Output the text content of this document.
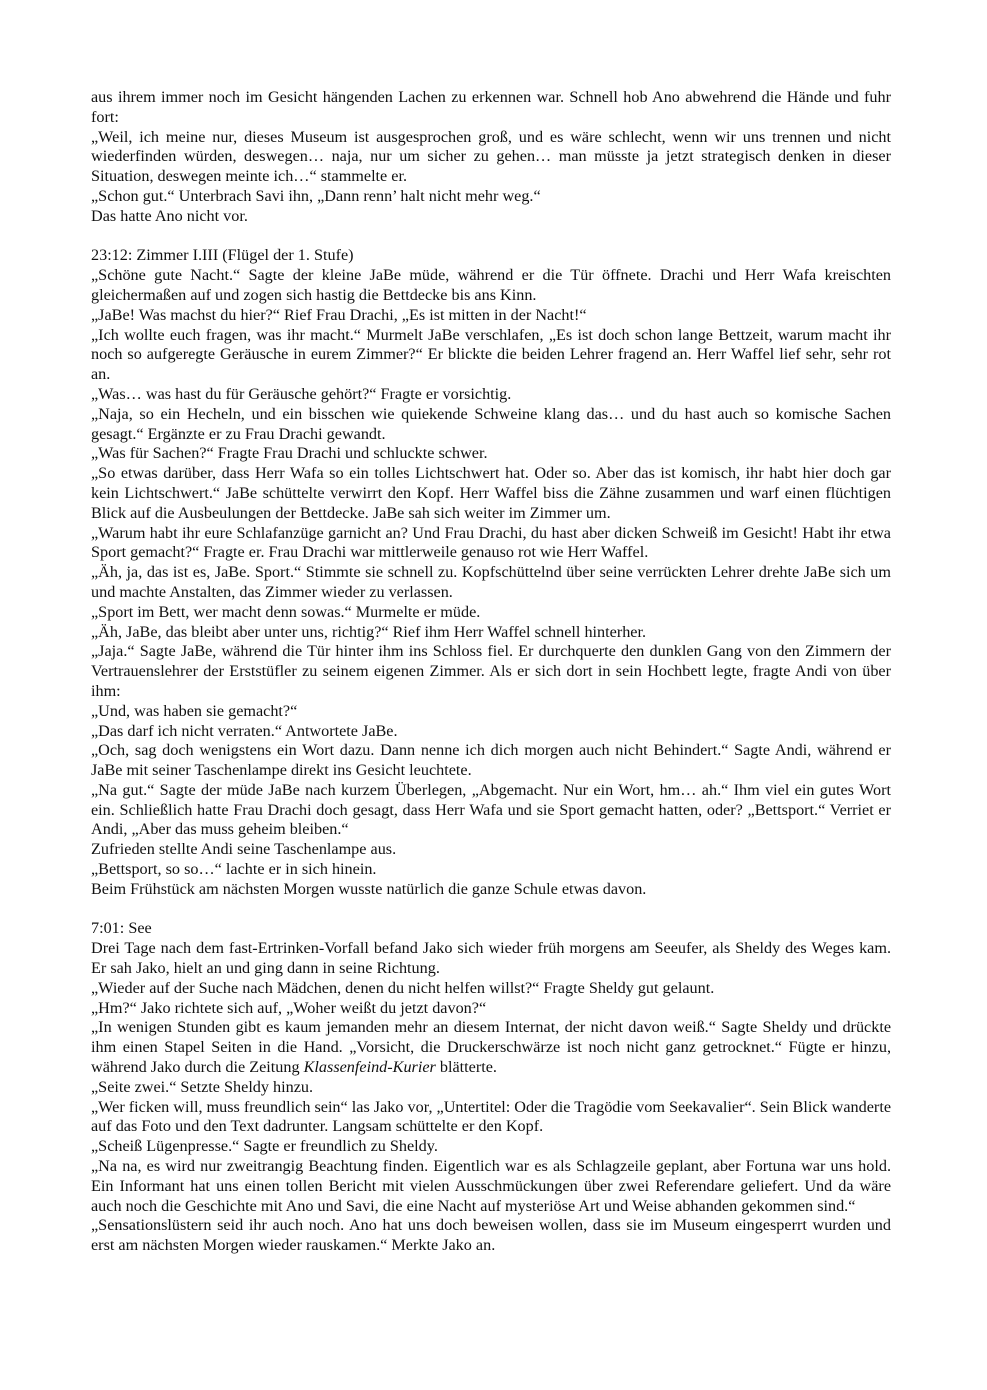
aus ihrem immer noch im Gesicht hängenden Lachen zu erkennen war. Schnell hob Ano abwehrend die Hände und fuhr fort:

„Weil, ich meine nur, dieses Museum ist ausgesprochen groß, und es wäre schlecht, wenn wir uns trennen und nicht wiederfinden würden, deswegen… naja, nur um sicher zu gehen… man müsste ja jetzt strategisch denken in dieser Situation, deswegen meinte ich…“ stammelte er.

„Schon gut.“ Unterbrach Savi ihn, „Dann renn’ halt nicht mehr weg.“

Das hatte Ano nicht vor.

23:12: Zimmer I.III (Flügel der 1. Stufe)

„Schöne gute Nacht.“ Sagte der kleine JaBe müde, während er die Tür öffnete. Drachi und Herr Wafa kreischten gleichermaßen auf und zogen sich hastig die Bettdecke bis ans Kinn.

„JaBe! Was machst du hier?“ Rief Frau Drachi, „Es ist mitten in der Nacht!“

„Ich wollte euch fragen, was ihr macht.“ Murmelt JaBe verschlafen, „Es ist doch schon lange Bettzeit, warum macht ihr noch so aufgeregte Geräusche in eurem Zimmer?“ Er blickte die beiden Lehrer fragend an. Herr Waffel lief sehr, sehr rot an.

„Was… was hast du für Geräusche gehört?“ Fragte er vorsichtig.

„Naja, so ein Hecheln, und ein bisschen wie quiekende Schweine klang das… und du hast auch so komische Sachen gesagt.“ Ergänzte er zu Frau Drachi gewandt.

„Was für Sachen?“ Fragte Frau Drachi und schluckte schwer.

„So etwas darüber, dass Herr Wafa so ein tolles Lichtschwert hat. Oder so. Aber das ist komisch, ihr habt hier doch gar kein Lichtschwert.“ JaBe schüttelte verwirrt den Kopf. Herr Waffel biss die Zähne zusammen und warf einen flüchtigen Blick auf die Ausbeulungen der Bettdecke. JaBe sah sich weiter im Zimmer um.

„Warum habt ihr eure Schlafanzüge garnicht an? Und Frau Drachi, du hast aber dicken Schweiß im Gesicht! Habt ihr etwa Sport gemacht?“ Fragte er. Frau Drachi war mittlerweile genauso rot wie Herr Waffel.

„Äh, ja, das ist es, JaBe. Sport.“ Stimmte sie schnell zu. Kopfschüttelnd über seine verrückten Lehrer drehte JaBe sich um und machte Anstalten, das Zimmer wieder zu verlassen.

„Sport im Bett, wer macht denn sowas.“ Murmelte er müde.

„Äh, JaBe, das bleibt aber unter uns, richtig?“ Rief ihm Herr Waffel schnell hinterher.

„Jaja.“ Sagte JaBe, während die Tür hinter ihm ins Schloss fiel. Er durchquerte den dunklen Gang von den Zimmern der Vertrauenslehrer der Erststüfler zu seinem eigenen Zimmer. Als er sich dort in sein Hochbett legte, fragte Andi von über ihm:

„Und, was haben sie gemacht?“

„Das darf ich nicht verraten.“ Antwortete JaBe.

„Och, sag doch wenigstens ein Wort dazu. Dann nenne ich dich morgen auch nicht Behindert.“ Sagte Andi, während er JaBe mit seiner Taschenlampe direkt ins Gesicht leuchtete.

„Na gut.“ Sagte der müde JaBe nach kurzem Überlegen, „Abgemacht. Nur ein Wort, hm… ah.“ Ihm viel ein gutes Wort ein. Schließlich hatte Frau Drachi doch gesagt, dass Herr Wafa und sie Sport gemacht hatten, oder? „Bettsport.“ Verriet er Andi, „Aber das muss geheim bleiben.“

Zufrieden stellte Andi seine Taschenlampe aus.

„Bettsport, so so…“ lachte er in sich hinein.

Beim Frühstück am nächsten Morgen wusste natürlich die ganze Schule etwas davon.

7:01: See

Drei Tage nach dem fast-Ertrinken-Vorfall befand Jako sich wieder früh morgens am Seeufer, als Sheldy des Weges kam. Er sah Jako, hielt an und ging dann in seine Richtung.

„Wieder auf der Suche nach Mädchen, denen du nicht helfen willst?“ Fragte Sheldy gut gelaunt.

„Hm?“ Jako richtete sich auf, „Woher weißt du jetzt davon?“

„In wenigen Stunden gibt es kaum jemanden mehr an diesem Internat, der nicht davon weiß.“ Sagte Sheldy und drückte ihm einen Stapel Seiten in die Hand. „Vorsicht, die Druckerschwärze ist noch nicht ganz getrocknet.“ Fügte er hinzu, während Jako durch die Zeitung Klassenfeind-Kurier blätterte.

„Seite zwei.“ Setzte Sheldy hinzu.

„Wer ficken will, muss freundlich sein“ las Jako vor, „Untertitel: Oder die Tragödie vom Seekavalier“. Sein Blick wanderte auf das Foto und den Text dadrunter. Langsam schüttelte er den Kopf.

„Scheiß Lügenpresse.“ Sagte er freundlich zu Sheldy.

„Na na, es wird nur zweitrangig Beachtung finden. Eigentlich war es als Schlagzeile geplant, aber Fortuna war uns hold. Ein Informant hat uns einen tollen Bericht mit vielen Ausschmückungen über zwei Referendare geliefert. Und da wäre auch noch die Geschichte mit Ano und Savi, die eine Nacht auf mysteriöse Art und Weise abhanden gekommen sind.“

„Sensationslüstern seid ihr auch noch. Ano hat uns doch beweisen wollen, dass sie im Museum eingesperrt wurden und erst am nächsten Morgen wieder rauskamen.“ Merkte Jako an.
